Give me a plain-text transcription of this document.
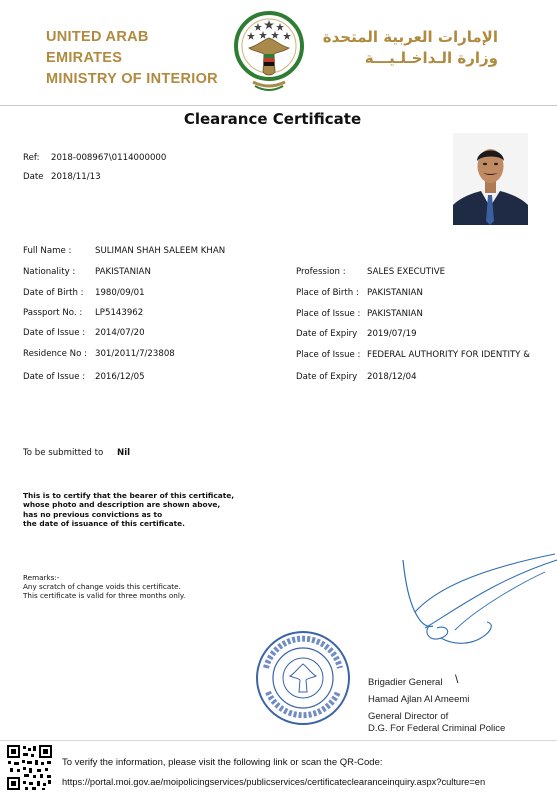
UNITED ARAB EMIRATES
MINISTRY OF INTERIOR
الإمارات العربية المتحدة
وزارة الـداخـلـيـــة
Clearance Certificate
Ref: 2018-008967\0114000000
Date 2018/11/13
Full Name :	SULIMAN SHAH SALEEM KHAN
Nationality : PAKISTANIAN
Date of Birth : 1980/09/01
Passport No. : LP5143962
Date of Issue : 2014/07/20
Residence No : 301/2011/7/23808
Date of Issue : 2016/12/05
Profession : SALES EXECUTIVE
Place of Birth : PAKISTANIAN
Place of Issue : PAKISTANIAN
Date of Expiry 2019/07/19
Place of Issue : FEDERAL AUTHORITY FOR IDENTITY &
Date of Expiry 2018/12/04
To be submitted to Nil
This is to certify that the bearer of this certificate,
whose photo and description are shown above,
has no previous convictions as to
the date of issuance of this certificate.
Remarks:-
Any scratch of change voids this certificate.
This certificate is valid for three months only.
Brigadier General \
Hamad Ajlan Al Ameemi
General Director of
D.G. For Federal Criminal Police
To verify the information, please visit the following link or scan the QR-Code:
https://portal.moi.gov.ae/moipolicingservices/publicservices/certificateclearanceinquiry.aspx?culture=en
